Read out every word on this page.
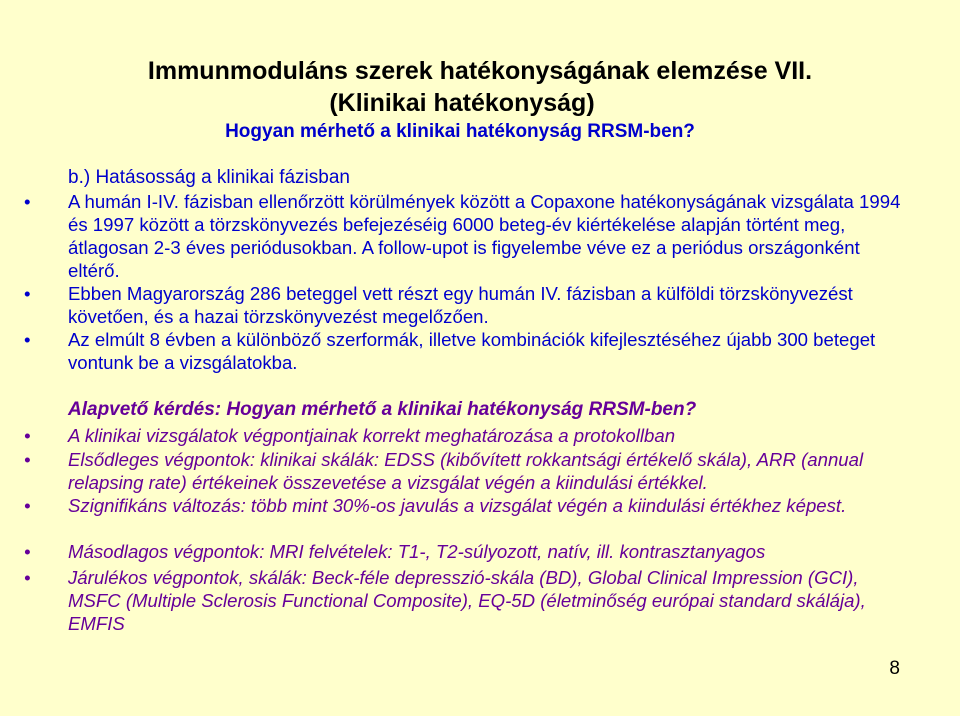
Immunmoduláns szerek hatékonyságának elemzése VII.
(Klinikai hatékonyság)
Hogyan mérhető a klinikai hatékonyság RRSM-ben?
b.) Hatásosság a klinikai fázisban
•	A humán I-IV. fázisban ellenőrzött körülmények között a Copaxone hatékonyságának vizsgálata 1994 és 1997 között a törzskönyvezés befejezéséig 6000 beteg-év kiértékelése alapján történt meg, átlagosan 2-3 éves periódusokban. A follow-upot is figyelembe véve ez a periódus országonként eltérő.
•	Ebben Magyarország 286 beteggel vett részt egy humán IV. fázisban a külföldi törzskönyvezést követően, és a hazai törzskönyvezést megelőzően.
•	Az elmúlt 8 évben a különböző szerformák, illetve kombinációk kifejlesztéséhez újabb 300 beteget vontunk be a vizsgálatokba.
Alapvető kérdés: Hogyan mérhető a klinikai hatékonyság RRSM-ben?
•	A klinikai vizsgálatok végpontjainak korrekt meghatározása a protokollban
•	Elsődleges végpontok: klinikai skálák: EDSS (kibővített rokkantsági értékelő skála), ARR (annual relapsing rate) értékeinek összevetése a vizsgálat végén a kiindulási értékkel.
•	Szignifikáns változás: több mint 30%-os javulás a vizsgálat végén a kiindulási értékhez képest.
•	Másodlagos végpontok: MRI felvételek: T1-, T2-súlyozott, natív, ill. kontrasztanyagos
•	Járulékos végpontok, skálák: Beck-féle depresszió-skála (BD), Global Clinical Impression (GCI), MSFC (Multiple Sclerosis Functional Composite), EQ-5D (életminőség európai standard skálája), EMFIS
8
